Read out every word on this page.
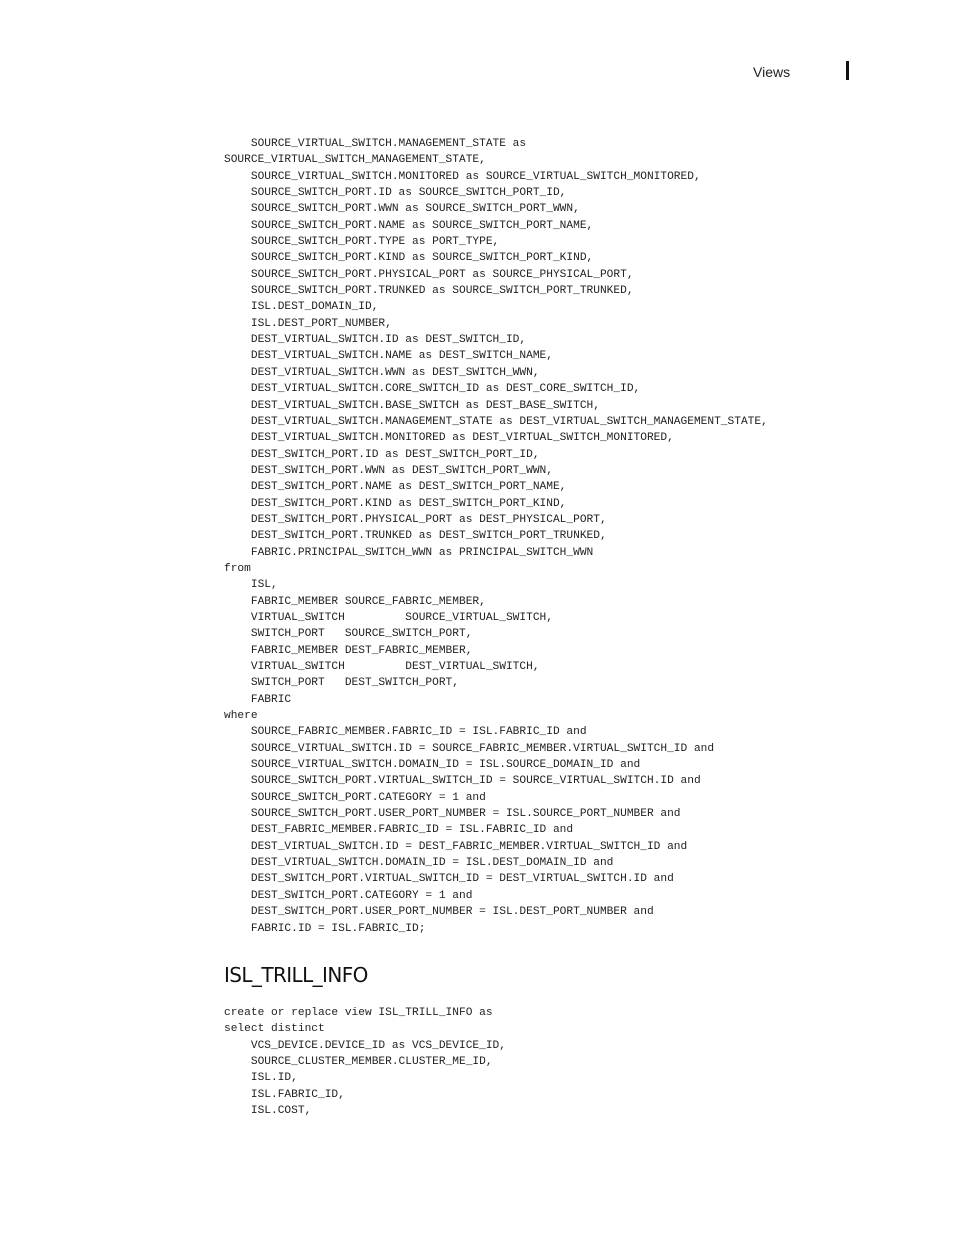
Views
SOURCE_VIRTUAL_SWITCH.MANAGEMENT_STATE as
SOURCE_VIRTUAL_SWITCH_MANAGEMENT_STATE,
SOURCE_VIRTUAL_SWITCH.MONITORED as SOURCE_VIRTUAL_SWITCH_MONITORED,
SOURCE_SWITCH_PORT.ID as SOURCE_SWITCH_PORT_ID,
SOURCE_SWITCH_PORT.WWN as SOURCE_SWITCH_PORT_WWN,
SOURCE_SWITCH_PORT.NAME as SOURCE_SWITCH_PORT_NAME,
SOURCE_SWITCH_PORT.TYPE as PORT_TYPE,
SOURCE_SWITCH_PORT.KIND as SOURCE_SWITCH_PORT_KIND,
SOURCE_SWITCH_PORT.PHYSICAL_PORT as SOURCE_PHYSICAL_PORT,
SOURCE_SWITCH_PORT.TRUNKED as SOURCE_SWITCH_PORT_TRUNKED,
ISL.DEST_DOMAIN_ID,
ISL.DEST_PORT_NUMBER,
DEST_VIRTUAL_SWITCH.ID as DEST_SWITCH_ID,
DEST_VIRTUAL_SWITCH.NAME as DEST_SWITCH_NAME,
DEST_VIRTUAL_SWITCH.WWN as DEST_SWITCH_WWN,
DEST_VIRTUAL_SWITCH.CORE_SWITCH_ID as DEST_CORE_SWITCH_ID,
DEST_VIRTUAL_SWITCH.BASE_SWITCH as DEST_BASE_SWITCH,
DEST_VIRTUAL_SWITCH.MANAGEMENT_STATE as DEST_VIRTUAL_SWITCH_MANAGEMENT_STATE,
DEST_VIRTUAL_SWITCH.MONITORED as DEST_VIRTUAL_SWITCH_MONITORED,
DEST_SWITCH_PORT.ID as DEST_SWITCH_PORT_ID,
DEST_SWITCH_PORT.WWN as DEST_SWITCH_PORT_WWN,
DEST_SWITCH_PORT.NAME as DEST_SWITCH_PORT_NAME,
DEST_SWITCH_PORT.KIND as DEST_SWITCH_PORT_KIND,
DEST_SWITCH_PORT.PHYSICAL_PORT as DEST_PHYSICAL_PORT,
DEST_SWITCH_PORT.TRUNKED as DEST_SWITCH_PORT_TRUNKED,
FABRIC.PRINCIPAL_SWITCH_WWN as PRINCIPAL_SWITCH_WWN
from
ISL,
FABRIC_MEMBER SOURCE_FABRIC_MEMBER,
VIRTUAL_SWITCH         SOURCE_VIRTUAL_SWITCH,
SWITCH_PORT   SOURCE_SWITCH_PORT,
FABRIC_MEMBER DEST_FABRIC_MEMBER,
VIRTUAL_SWITCH         DEST_VIRTUAL_SWITCH,
SWITCH_PORT   DEST_SWITCH_PORT,
FABRIC
where
SOURCE_FABRIC_MEMBER.FABRIC_ID = ISL.FABRIC_ID and
SOURCE_VIRTUAL_SWITCH.ID = SOURCE_FABRIC_MEMBER.VIRTUAL_SWITCH_ID and
SOURCE_VIRTUAL_SWITCH.DOMAIN_ID = ISL.SOURCE_DOMAIN_ID and
SOURCE_SWITCH_PORT.VIRTUAL_SWITCH_ID = SOURCE_VIRTUAL_SWITCH.ID and
SOURCE_SWITCH_PORT.CATEGORY = 1 and
SOURCE_SWITCH_PORT.USER_PORT_NUMBER = ISL.SOURCE_PORT_NUMBER and
DEST_FABRIC_MEMBER.FABRIC_ID = ISL.FABRIC_ID and
DEST_VIRTUAL_SWITCH.ID = DEST_FABRIC_MEMBER.VIRTUAL_SWITCH_ID and
DEST_VIRTUAL_SWITCH.DOMAIN_ID = ISL.DEST_DOMAIN_ID and
DEST_SWITCH_PORT.VIRTUAL_SWITCH_ID = DEST_VIRTUAL_SWITCH.ID and
DEST_SWITCH_PORT.CATEGORY = 1 and
DEST_SWITCH_PORT.USER_PORT_NUMBER = ISL.DEST_PORT_NUMBER and
FABRIC.ID = ISL.FABRIC_ID;
ISL_TRILL_INFO
create or replace view ISL_TRILL_INFO as
select distinct
VCS_DEVICE.DEVICE_ID as VCS_DEVICE_ID,
SOURCE_CLUSTER_MEMBER.CLUSTER_ME_ID,
ISL.ID,
ISL.FABRIC_ID,
ISL.COST,
